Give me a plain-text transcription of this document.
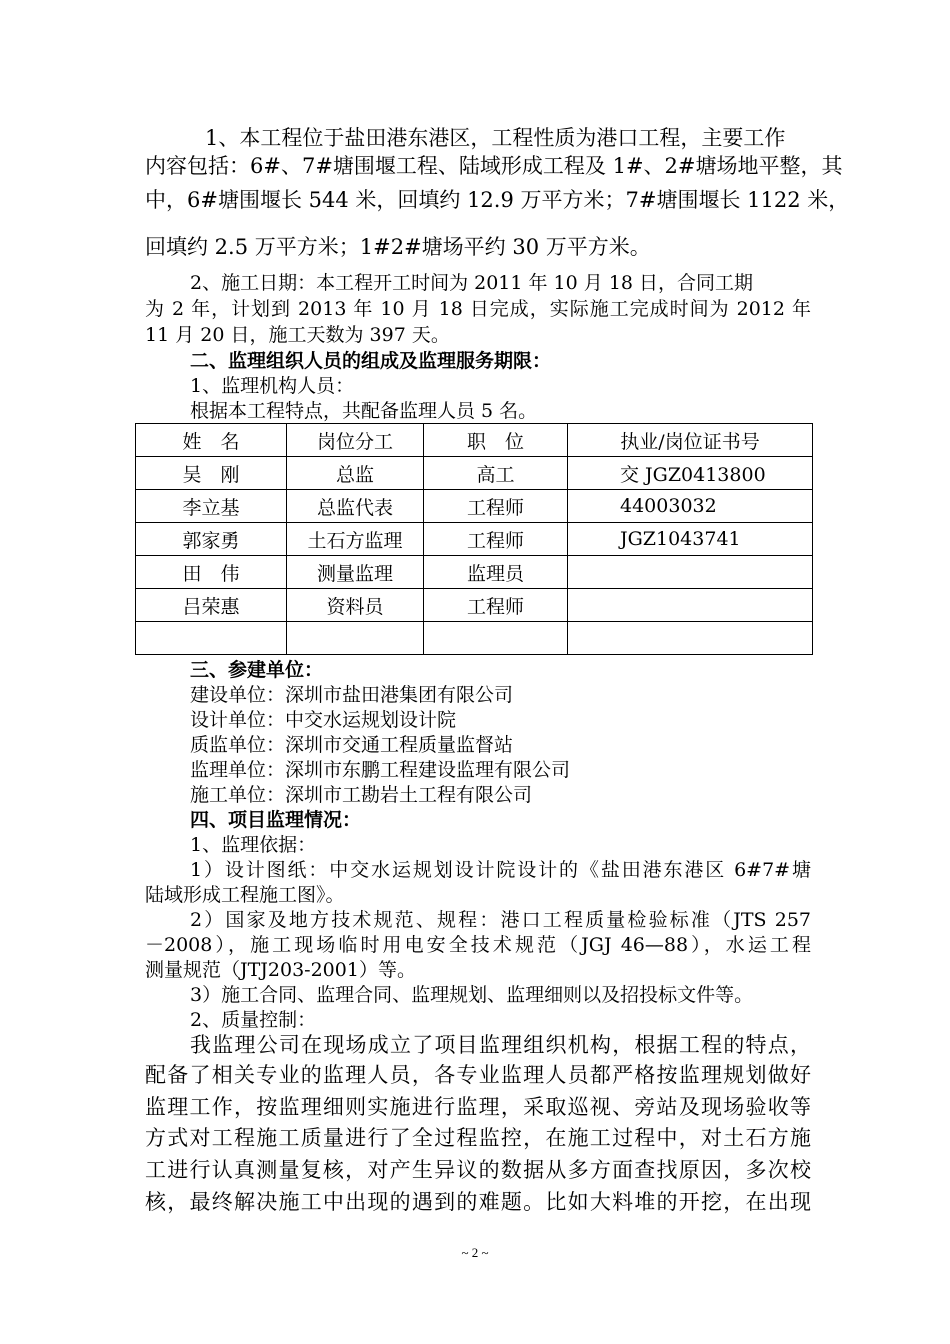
1、本工程位于盐田港东港区，工程性质为港口工程，主要工作
内容包括：6#、7#塘围堰工程、陆域形成工程及 1#、2#塘场地平整，其
中，6#塘围堰长 544 米，回填约 12.9 万平方米；7#塘围堰长 1122 米，
回填约 2.5 万平方米；1#2#塘场平约 30 万平方米。
2、施工日期：本工程开工时间为 2011 年 10 月 18 日，合同工期
为 2 年，计划到 2013 年 10 月 18 日完成，实际施工完成时间为 2012 年
11 月 20 日，施工天数为 397 天。
二、监理组织人员的组成及监理服务期限：
1、监理机构人员：
根据本工程特点，共配备监理人员 5 名。
姓　名	岗位分工	职　位	执业/岗位证书号
吴　刚	总监	高工	交 JGZ0413800
李立基	总监代表	工程师	44003032
郭家勇	土石方监理	工程师	JGZ1043741
田　伟	测量监理	监理员	
吕荣惠	资料员	工程师	

三、参建单位：
建设单位：深圳市盐田港集团有限公司
设计单位：中交水运规划设计院
质监单位：深圳市交通工程质量监督站
监理单位：深圳市东鹏工程建设监理有限公司
施工单位：深圳市工勘岩土工程有限公司
四、项目监理情况：
1、监理依据：
1）设计图纸：中交水运规划设计院设计的《盐田港东港区 6#7#塘
陆域形成工程施工图》。
2）国家及地方技术规范、规程：港口工程质量检验标准（JTS 257
－2008），施工现场临时用电安全技术规范（JGJ 46—88），水运工程
测量规范（JTJ203-2001）等。
3）施工合同、监理合同、监理规划、监理细则以及招投标文件等。
2、质量控制：
我监理公司在现场成立了项目监理组织机构，根据工程的特点，
配备了相关专业的监理人员，各专业监理人员都严格按监理规划做好
监理工作，按监理细则实施进行监理，采取巡视、旁站及现场验收等
方式对工程施工质量进行了全过程监控，在施工过程中，对土石方施
工进行认真测量复核，对产生异议的数据从多方面查找原因，多次校
核，最终解决施工中出现的遇到的难题。比如大料堆的开挖，在出现
~ 2 ~
